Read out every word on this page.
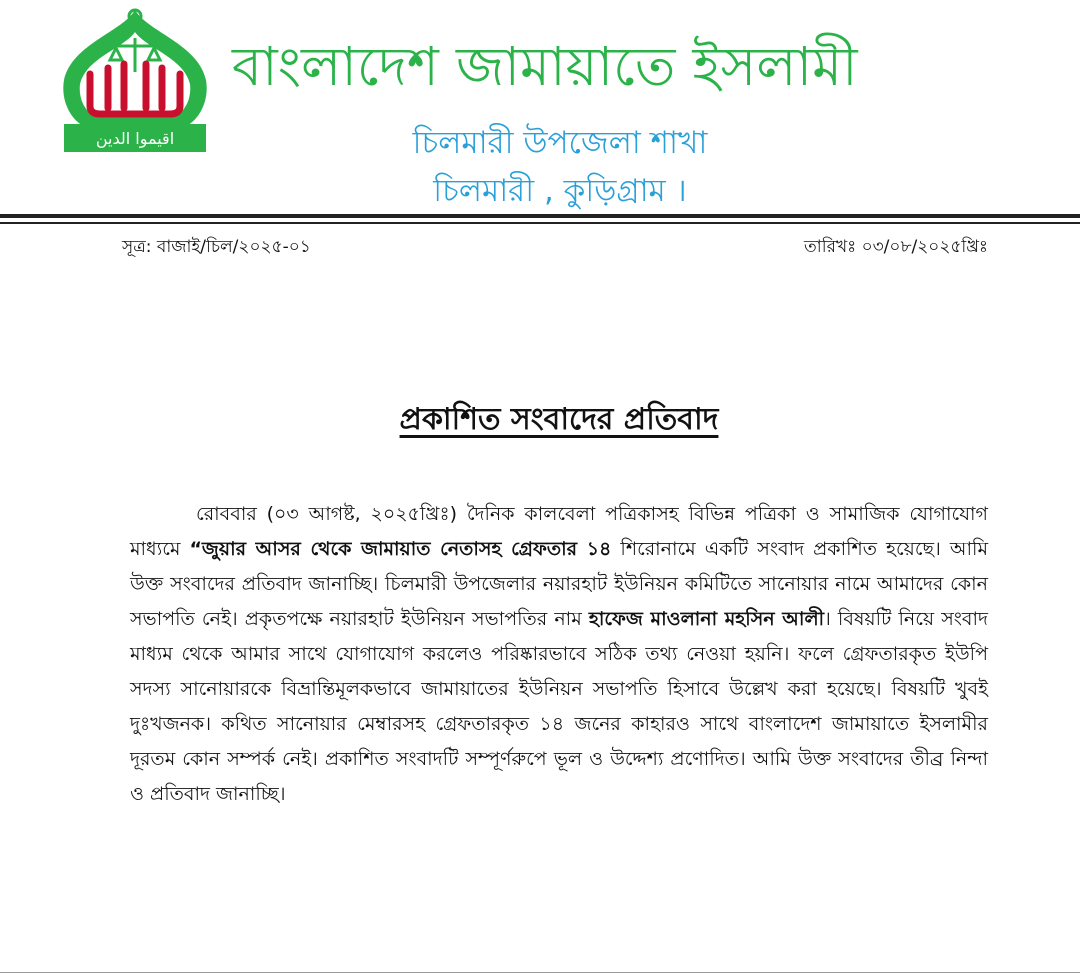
اقيموا الدين
বাংলাদেশ জামায়াতে ইসলামী
চিলমারী উপজেলা শাখা
চিলমারী , কুড়িগ্রাম ।
সূত্র: বাজাই/চিল/২০২৫-০১	তারিখঃ ০৩/০৮/২০২৫খ্রিঃ
প্রকাশিত সংবাদের প্রতিবাদ

রোববার (০৩ আগষ্ট, ২০২৫খ্রিঃ) দৈনিক কালবেলা পত্রিকাসহ বিভিন্ন পত্রিকা ও সামাজিক যোগাযোগ মাধ্যমে “জুয়ার আসর থেকে জামায়াত নেতাসহ গ্রেফতার ১৪ শিরোনামে একটি সংবাদ প্রকাশিত হয়েছে। আমি উক্ত সংবাদের প্রতিবাদ জানাচ্ছি। চিলমারী উপজেলার নয়ারহাট ইউনিয়ন কমিটিতে সানোয়ার নামে আমাদের কোন সভাপতি নেই। প্রকৃতপক্ষে নয়ারহাট ইউনিয়ন সভাপতির নাম হাফেজ মাওলানা মহসিন আলী। বিষয়টি নিয়ে সংবাদ মাধ্যম থেকে আমার সাথে যোগাযোগ করলেও পরিষ্কারভাবে সঠিক তথ্য নেওয়া হয়নি। ফলে গ্রেফতারকৃত ইউপি সদস্য সানোয়ারকে বিভ্রান্তিমূলকভাবে জামায়াতের ইউনিয়ন সভাপতি হিসাবে উল্লেখ করা হয়েছে। বিষয়টি খুবই দুঃখজনক। কথিত সানোয়ার মেম্বারসহ গ্রেফতারকৃত ১৪ জনের কাহারও সাথে বাংলাদেশ জামায়াতে ইসলামীর দূরতম কোন সম্পর্ক নেই। প্রকাশিত সংবাদটি সম্পূর্ণরুপে ভূল ও উদ্দেশ্য প্রণোদিত। আমি উক্ত সংবাদের তীব্র নিন্দা ও প্রতিবাদ জানাচ্ছি।
